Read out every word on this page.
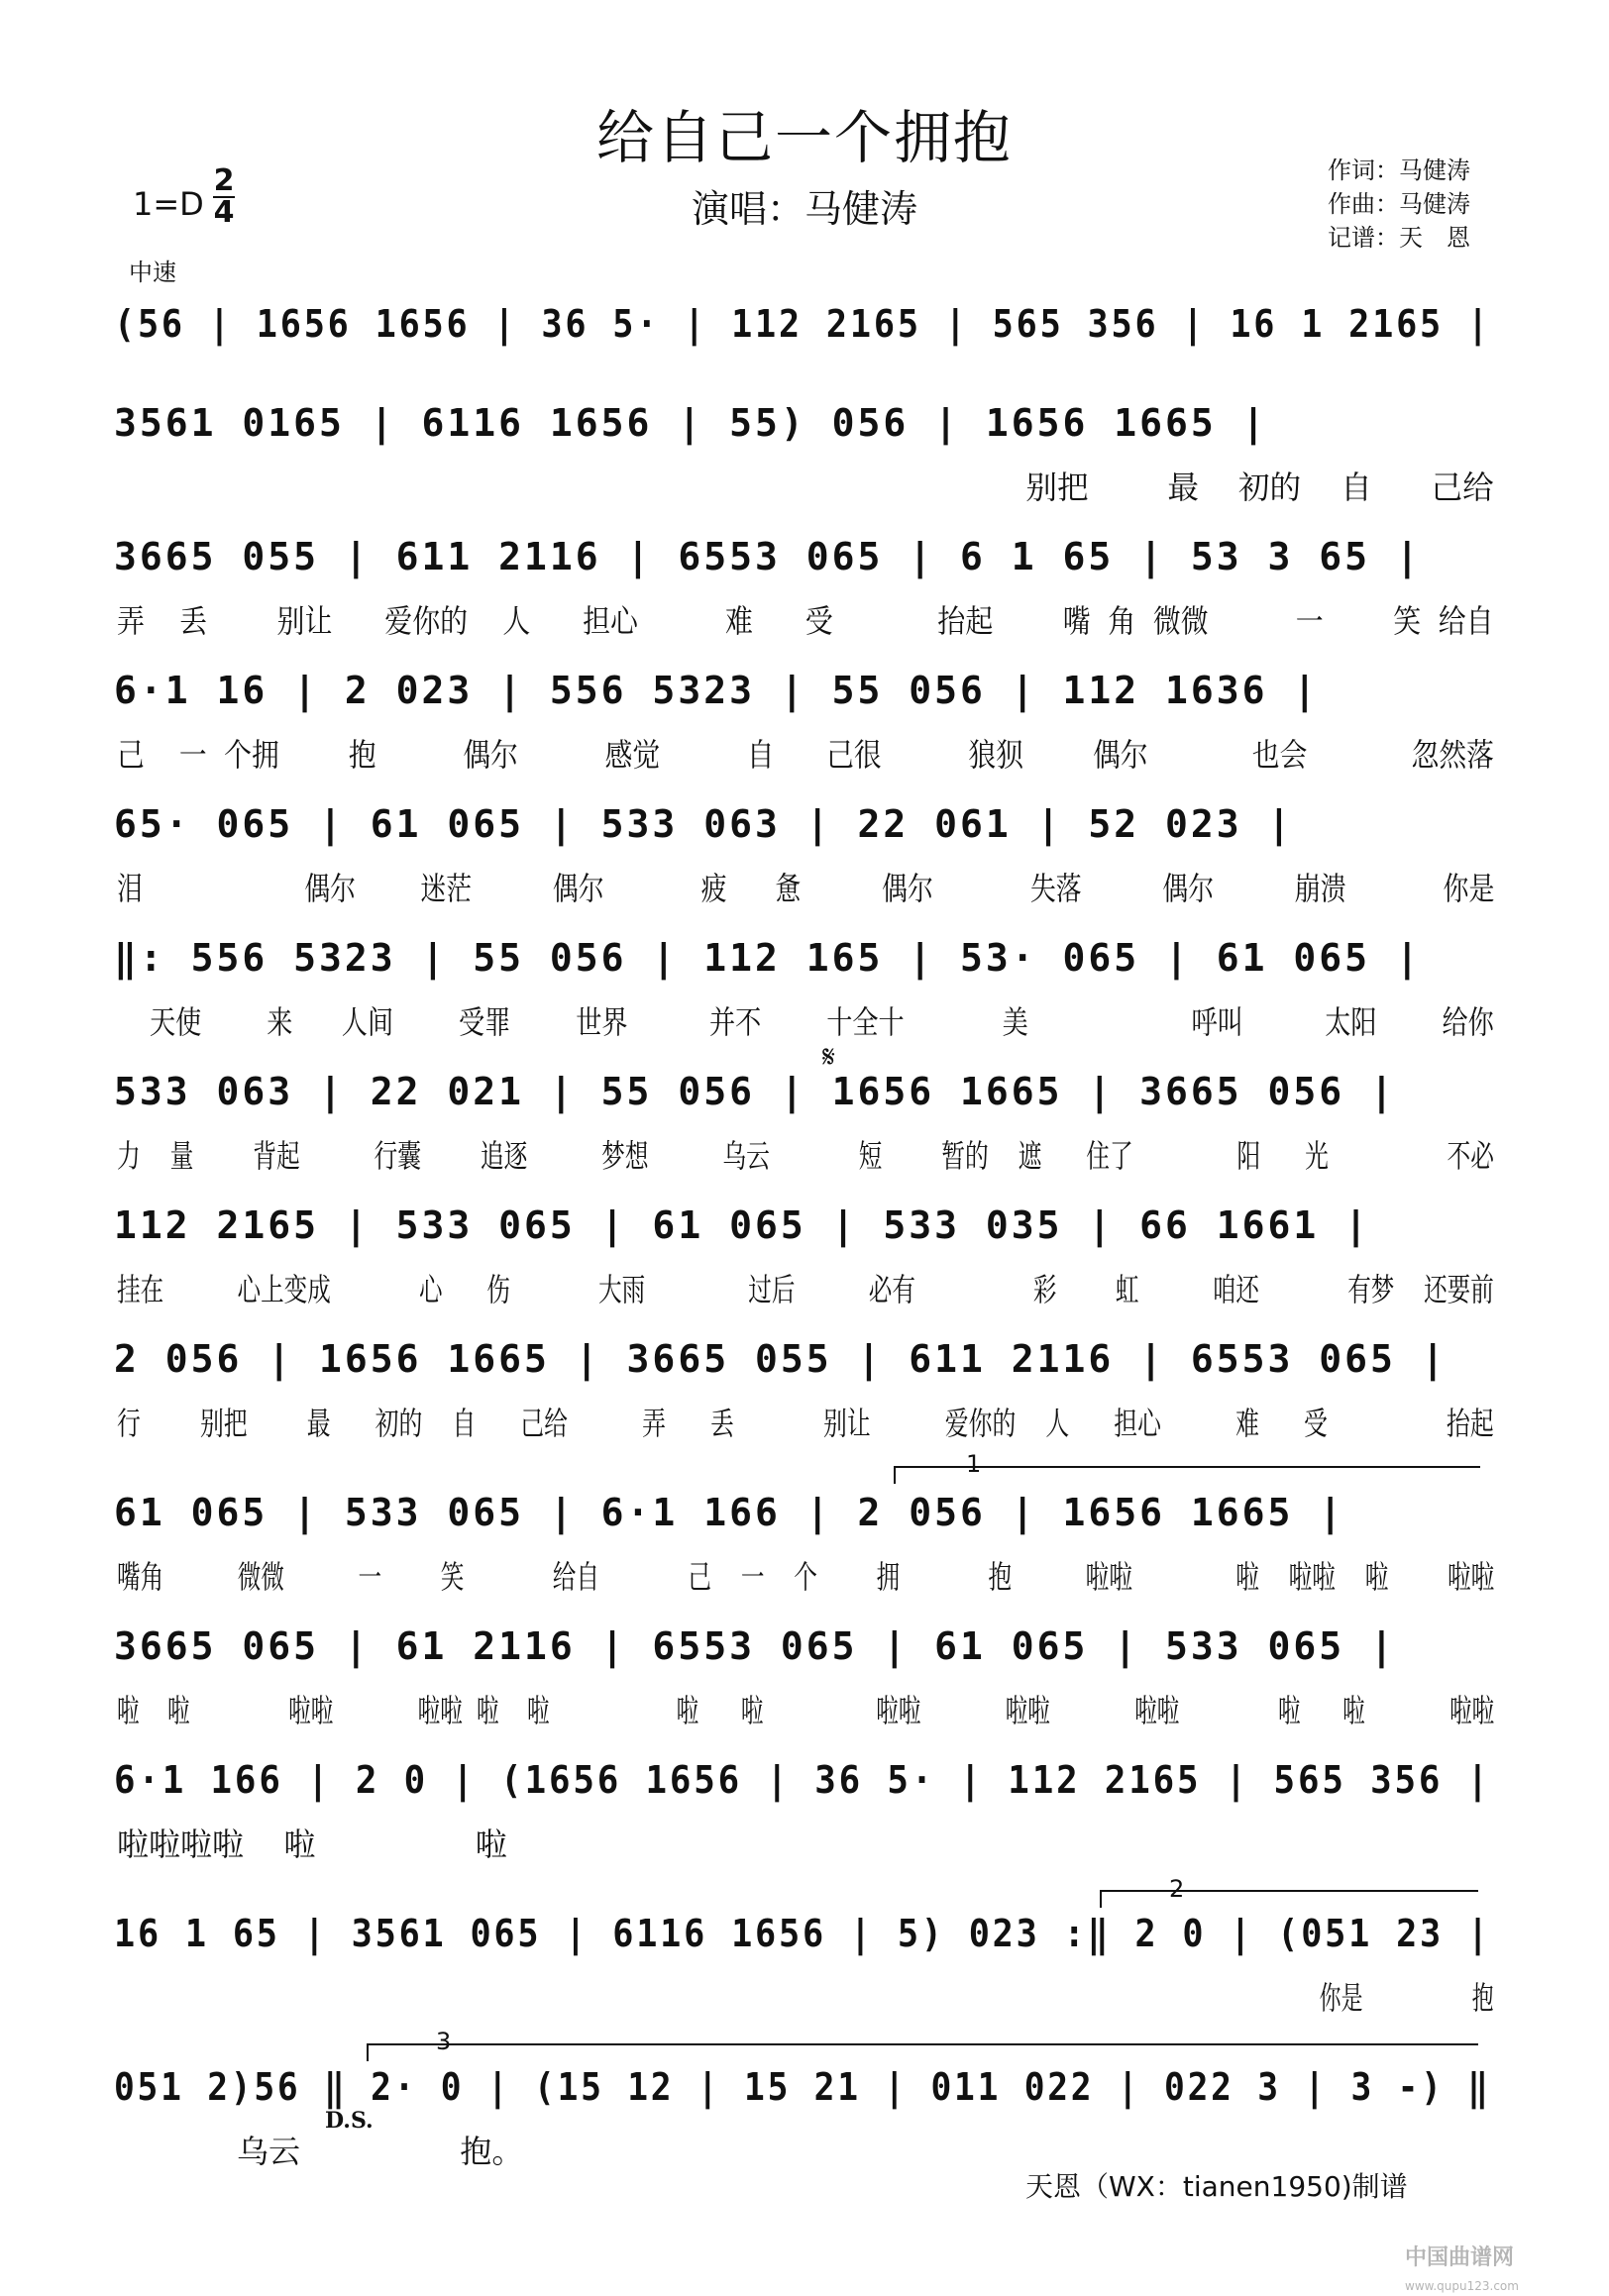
给自己一个拥抱
演唱：马健涛
作词：马健涛
作曲：马健涛
记谱：天　恩
1=D
2
4
中速
(56 | 1656 1656 | 36 5· | 112 2165 | 565 356 | 16 1 2165 |
3561 0165 | 6116 1656 | 55) 056 | 1656 1665 |
别把    最  初的  自   己给
3665 055 | 611 2116 | 6553 065 | 6 1 65 | 53 3 65 |
弄  丢    别让   爱你的  人   担心     难   受      抬起    嘴 角 微微     一    笑 给自
6·1 16 | 2 023 | 556 5323 | 55 056 | 112 1636 |
己  一 个拥    抱     偶尔     感觉     自   己很     狼狈    偶尔      也会      忽然落
65· 065 | 61 065 | 533 063 | 22 061 | 52 023 |
泪          偶尔    迷茫     偶尔      疲   惫     偶尔      失落     偶尔     崩溃      你是
‖: 556 5323 | 55 056 | 112 165 | 53· 065 | 61 065 |
天使    来   人间    受罪    世界     并不    十全十      美          呼叫     太阳    给你
533 063 | 22 021 | 55 056 | 1656 1665 | 3665 056 |
力  量    背起     行囊    追逐     梦想     乌云      短    暂的  遮   住了       阳   光        不必
112 2165 | 533 065 | 61 065 | 533 035 | 66 1661 |
挂在     心上变成      心   伤      大雨       过后     必有        彩    虹     咱还      有梦  还要前
2 056 | 1656 1665 | 3665 055 | 611 2116 | 6553 065 |
行    别把    最   初的  自   己给     弄   丢      别让     爱你的  人   担心     难   受        抬起
61 065 | 533 065 | 6·1 166 | 2 056 | 1656 1665 |
嘴角     微微     一    笑      给自      己  一  个    拥      抱     啦啦       啦  啦啦  啦    啦啦
3665 065 | 61 2116 | 6553 065 | 61 065 | 533 065 |
啦  啦       啦啦      啦啦 啦  啦         啦   啦        啦啦      啦啦      啦啦       啦   啦      啦啦
6·1 166 | 2 0 | (1656 1656 | 36 5· | 112 2165 | 565 356 |
啦啦啦啦  啦        啦
16 1 65 | 3561 065 | 6116 1656 | 5) 023 :‖ 2 0 | (051 23 |
你是        抱
051 2)56 ‖ 2· 0 | (15 12 | 15 21 | 011 022 | 022 3 | 3 -) ‖
乌云        抱。
1
2
3
𝄋
D.S.
天恩（WX：tianen1950)制谱
中国曲谱网 www.qupu123.com
